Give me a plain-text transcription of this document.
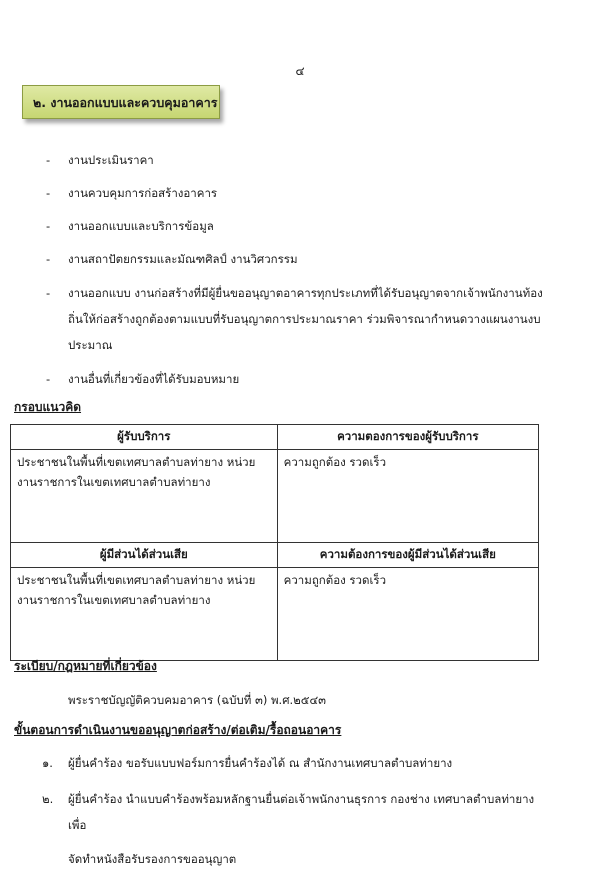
๔
๒. งานออกแบบและควบคุมอาคาร
- งานประเมินราคา
- งานควบคุมการก่อสร้างอาคาร
- งานออกแบบและบริการข้อมูล
- งานสถาปัตยกรรมและมัณฑศิลป์ งานวิศวกรรม
- งานออกแบบ งานก่อสร้างที่มีผู้ยื่นขออนุญาตอาคารทุกประเภทที่ได้รับอนุญาตจากเจ้าพนักงานท้องถิ่นให้ก่อสร้างถูกต้องตามแบบที่รับอนุญาตการประมาณราคา ร่วมพิจารณากำหนดวางแผนงานงบประมาณ
- งานอื่นที่เกี่ยวข้องที่ได้รับมอบหมาย
กรอบแนวคิด
ผู้รับบริการ	ความตองการของผู้รับบริการ
ประชาชนในพื้นที่เขตเทศบาลตำบลท่ายาง หน่วยงานราชการในเขตเทศบาลตำบลท่ายาง	ความถูกต้อง รวดเร็ว
ผู้มีส่วนได้ส่วนเสีย	ความต้องการของผู้มีส่วนได้ส่วนเสีย
ประชาชนในพื้นที่เขตเทศบาลตำบลท่ายาง หน่วยงานราชการในเขตเทศบาลตำบลท่ายาง	ความถูกต้อง รวดเร็ว
ระเบียบ/กฎหมายที่เกี่ยวข้อง
พระราชบัญญัติควบคมอาคาร (ฉบับที่ ๓) พ.ศ.๒๕๔๓
ขั้นตอนการดำเนินงานขออนุญาตก่อสร้าง/ต่อเติม/รื้อถอนอาคาร
๑. ผู้ยื่นคำร้อง ขอรับแบบฟอร์มการยื่นคำร้องได้ ณ สำนักงานเทศบาลตำบลท่ายาง
๒. ผู้ยื่นคำร้อง นำแบบคำร้องพร้อมหลักฐานยื่นต่อเจ้าพนักงานธุรการ กองช่าง เทศบาลตำบลท่ายาง เพื่อ
จัดทำหนังสือรับรองการขออนุญาต
